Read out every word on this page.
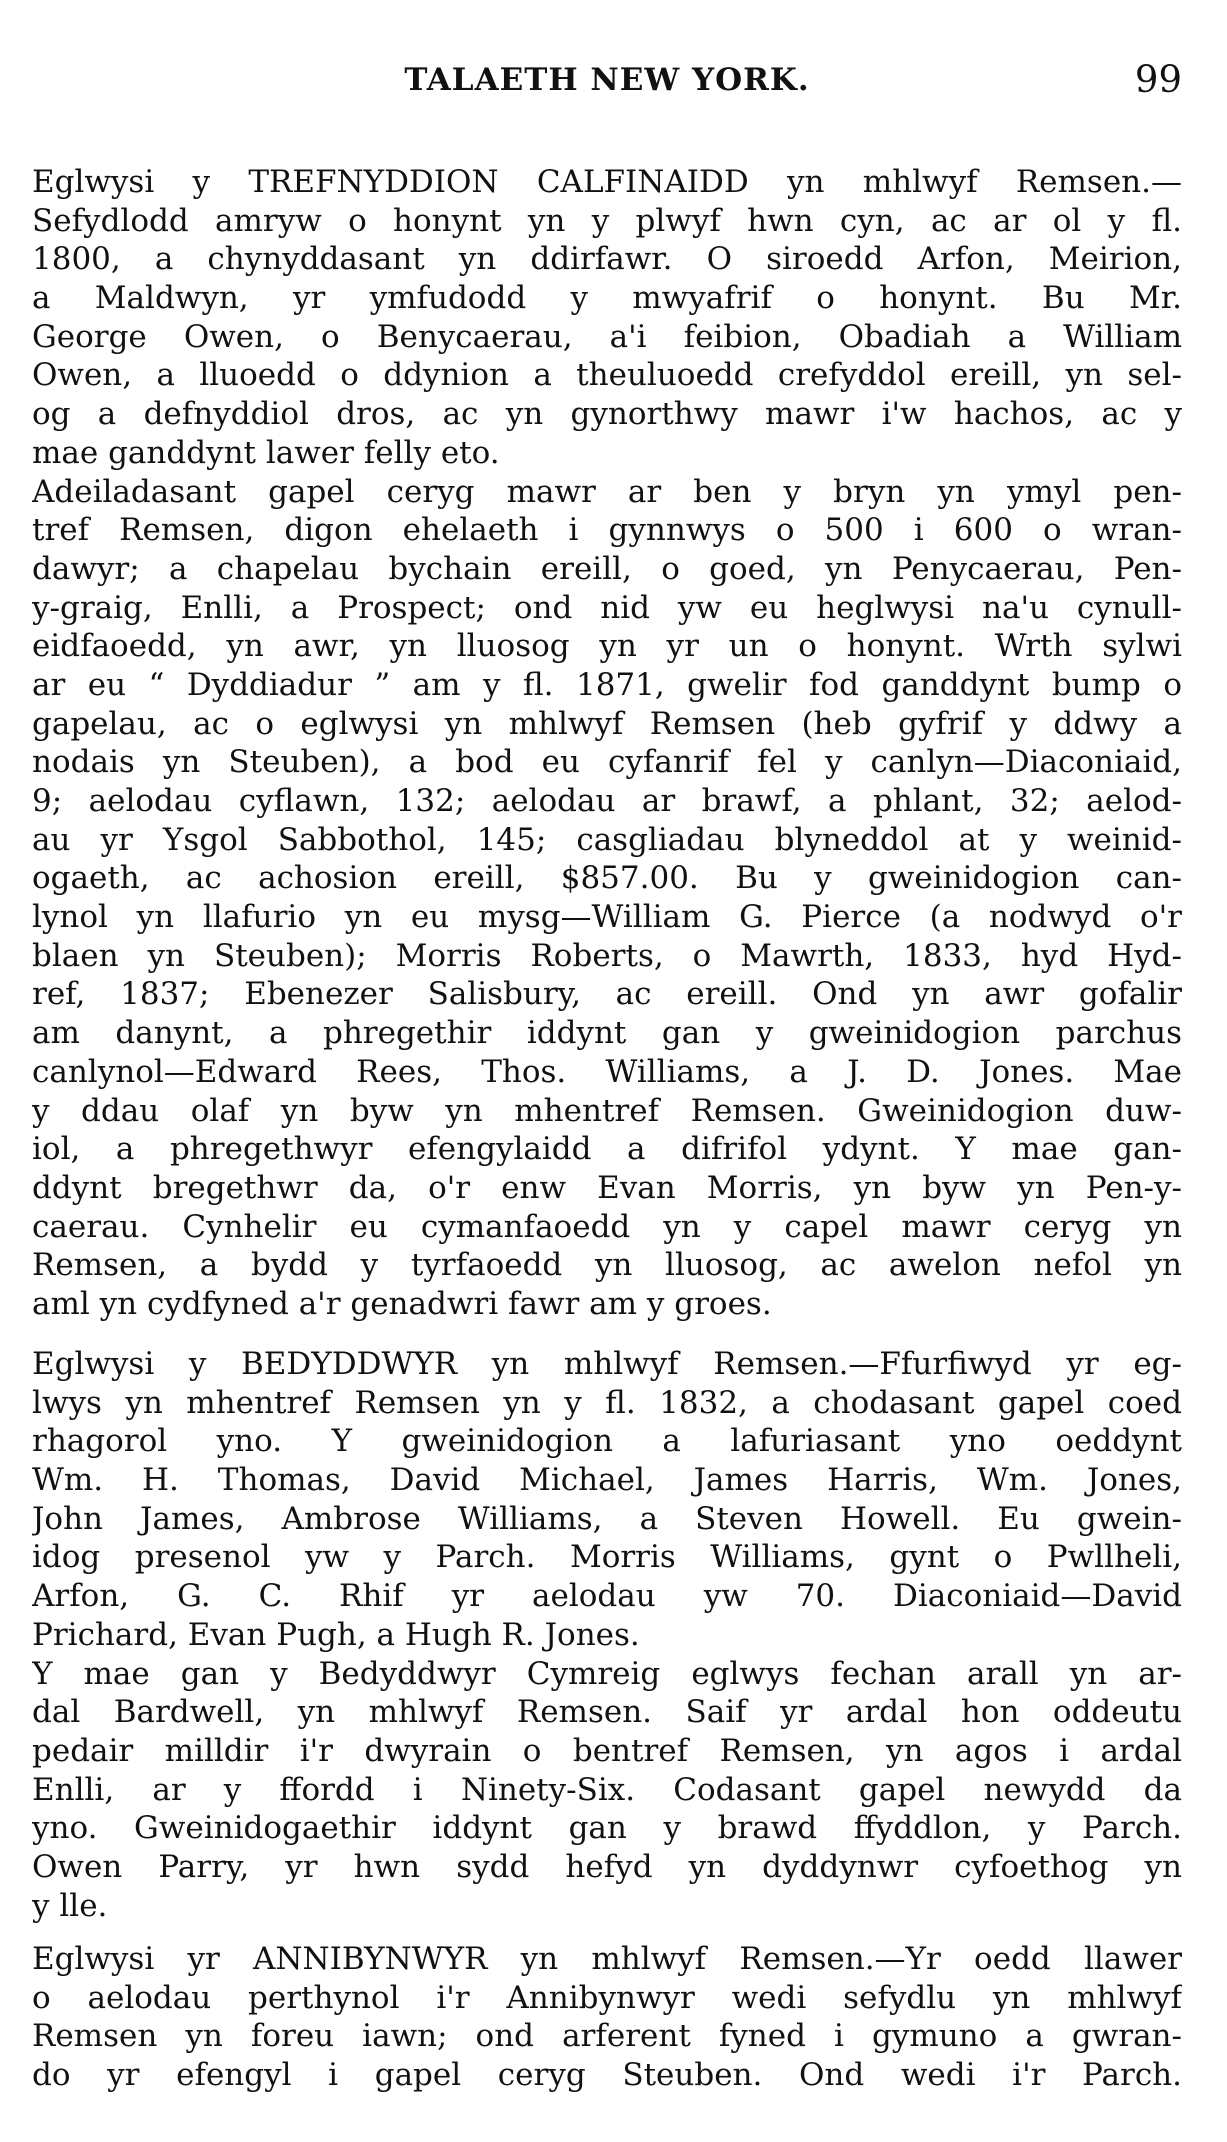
TALAETH NEW YORK.	99
Eglwysi y TREFNYDDION CALFINAIDD yn mhlwyf Remsen.—
Sefydlodd amryw o honynt yn y plwyf hwn cyn, ac ar ol y fl.
1800, a chynyddasant yn ddirfawr. O siroedd Arfon, Meirion,
a Maldwyn, yr ymfudodd y mwyafrif o honynt. Bu Mr.
George Owen, o Benycaerau, a'i feibion, Obadiah a William
Owen, a lluoedd o ddynion a theuluoedd crefyddol ereill, yn sel-
og a defnyddiol dros, ac yn gynorthwy mawr i'w hachos, ac y
mae ganddynt lawer felly eto.
Adeiladasant gapel ceryg mawr ar ben y bryn yn ymyl pen-
tref Remsen, digon ehelaeth i gynnwys o 500 i 600 o wran-
dawyr; a chapelau bychain ereill, o goed, yn Penycaerau, Pen-
y-graig, Enlli, a Prospect; ond nid yw eu heglwysi na'u cynull-
eidfaoedd, yn awr, yn lluosog yn yr un o honynt. Wrth sylwi
ar eu “ Dyddiadur ” am y fl. 1871, gwelir fod ganddynt bump o
gapelau, ac o eglwysi yn mhlwyf Remsen (heb gyfrif y ddwy a
nodais yn Steuben), a bod eu cyfanrif fel y canlyn—Diaconiaid,
9; aelodau cyflawn, 132; aelodau ar brawf, a phlant, 32; aelod-
au yr Ysgol Sabbothol, 145; casgliadau blyneddol at y weinid-
ogaeth, ac achosion ereill, $857.00. Bu y gweinidogion can-
lynol yn llafurio yn eu mysg—William G. Pierce (a nodwyd o'r
blaen yn Steuben); Morris Roberts, o Mawrth, 1833, hyd Hyd-
ref, 1837; Ebenezer Salisbury, ac ereill. Ond yn awr gofalir
am danynt, a phregethir iddynt gan y gweinidogion parchus
canlynol—Edward Rees, Thos. Williams, a J. D. Jones. Mae
y ddau olaf yn byw yn mhentref Remsen. Gweinidogion duw-
iol, a phregethwyr efengylaidd a difrifol ydynt. Y mae gan-
ddynt bregethwr da, o'r enw Evan Morris, yn byw yn Pen-y-
caerau. Cynhelir eu cymanfaoedd yn y capel mawr ceryg yn
Remsen, a bydd y tyrfaoedd yn lluosog, ac awelon nefol yn
aml yn cydfyned a'r genadwri fawr am y groes.
Eglwysi y BEDYDDWYR yn mhlwyf Remsen.—Ffurfiwyd yr eg-
lwys yn mhentref Remsen yn y fl. 1832, a chodasant gapel coed
rhagorol yno. Y gweinidogion a lafuriasant yno oeddynt
Wm. H. Thomas, David Michael, James Harris, Wm. Jones,
John James, Ambrose Williams, a Steven Howell. Eu gwein-
idog presenol yw y Parch. Morris Williams, gynt o Pwllheli,
Arfon, G. C. Rhif yr aelodau yw 70. Diaconiaid—David
Prichard, Evan Pugh, a Hugh R. Jones.
Y mae gan y Bedyddwyr Cymreig eglwys fechan arall yn ar-
dal Bardwell, yn mhlwyf Remsen. Saif yr ardal hon oddeutu
pedair milldir i'r dwyrain o bentref Remsen, yn agos i ardal
Enlli, ar y ffordd i Ninety-Six. Codasant gapel newydd da
yno. Gweinidogaethir iddynt gan y brawd ffyddlon, y Parch.
Owen Parry, yr hwn sydd hefyd yn dyddynwr cyfoethog yn
y lle.
Eglwysi yr ANNIBYNWYR yn mhlwyf Remsen.—Yr oedd llawer
o aelodau perthynol i'r Annibynwyr wedi sefydlu yn mhlwyf
Remsen yn foreu iawn; ond arferent fyned i gymuno a gwran-
do yr efengyl i gapel ceryg Steuben. Ond wedi i'r Parch.
